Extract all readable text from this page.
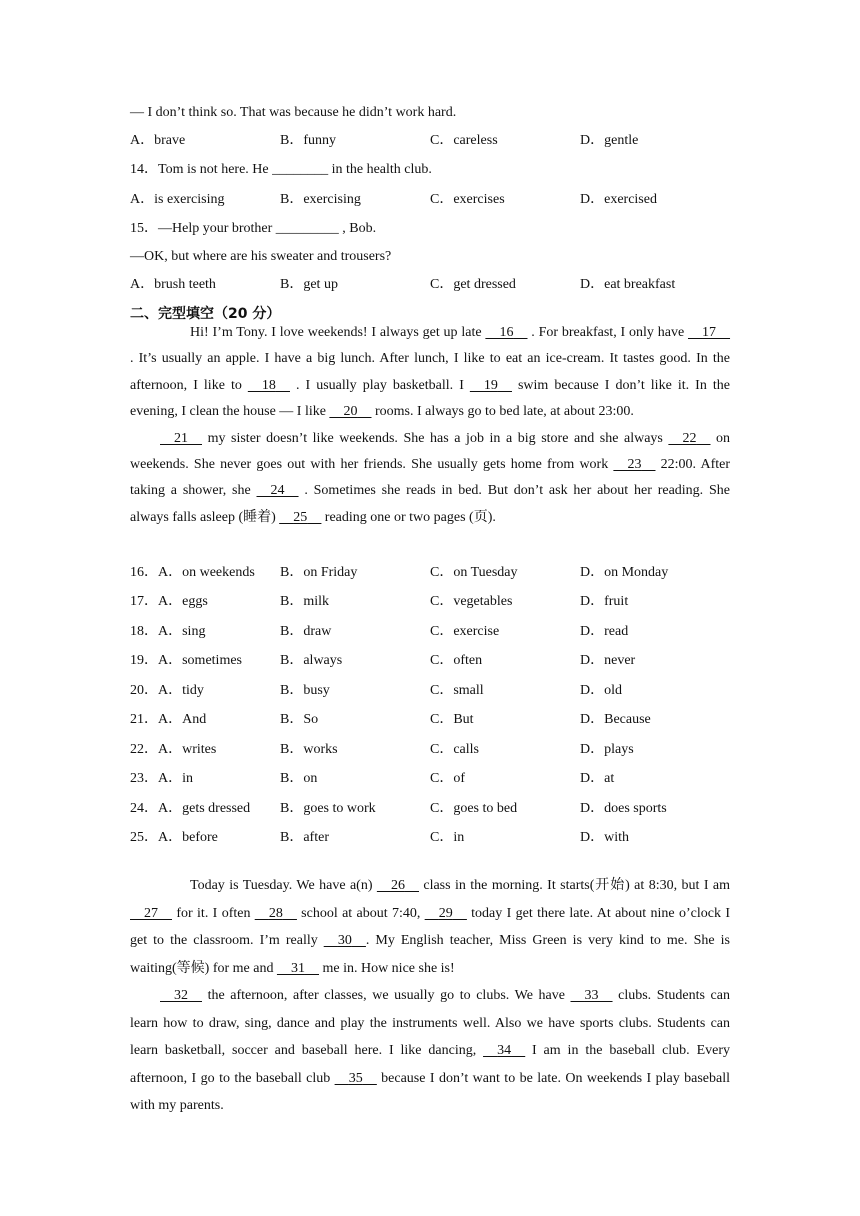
— I don’t think so. That was because he didn’t work hard.
A．brave	B．funny	C．careless	D．gentle
14．Tom is not here. He ________ in the health club.
A．is exercising	B．exercising	C．exercises	D．exercised
15．—Help your brother _________ , Bob.
—OK, but where are his sweater and trousers?
A．brush teeth	B．get up	C．get dressed	D．eat breakfast
二、完型填空（20 分）

Hi! I’m Tony. I love weekends! I always get up late 16 . For breakfast, I only have 17 . It’s usually an apple. I have a big lunch. After lunch, I like to eat an ice-cream. It tastes good. In the afternoon, I like to 18 . I usually play basketball. I 19 swim because I don’t like it. In the evening, I clean the house — I like 20 rooms. I always go to bed late, at about 23:00.

21 my sister doesn’t like weekends. She has a job in a big store and she always 22 on weekends. She never goes out with her friends. She usually gets home from work 23 22:00. After taking a shower, she 24 . Sometimes she reads in bed. But don’t ask her about her reading. She always falls asleep (睡着) 25 reading one or two pages (页).

16．A．on weekends B．on Friday	C．on Tuesday	D．on Monday
17．A．eggs	B．milk	C．vegetables	D．fruit
18．A．sing	B．draw	C．exercise	D．read
19．A．sometimes	B．always	C．often	D．never
20．A．tidy	B．busy	C．small	D．old
21．A．And	B．So	C．But	D．Because
22．A．writes	B．works	C．calls	D．plays
23．A．in	B．on	C．of	D．at
24．A．gets dressed B．goes to work	C．goes to bed	D．does sports
25．A．before	B．after	C．in	D．with

Today is Tuesday. We have a(n) 26 class in the morning. It starts(开始) at 8:30, but I am 27 for it. I often 28 school at about 7:40, 29 today I get there late. At about nine o’clock I get to the classroom. I’m really 30 . My English teacher, Miss Green is very kind to me. She is waiting(等候) for me and 31 me in. How nice she is!

32 the afternoon, after classes, we usually go to clubs. We have 33 clubs. Students can learn how to draw, sing, dance and play the instruments well. Also we have sports clubs. Students can learn basketball, soccer and baseball here. I like dancing, 34 I am in the baseball club. Every afternoon, I go to the baseball club 35 because I don’t want to be late. On weekends I play baseball with my parents.
